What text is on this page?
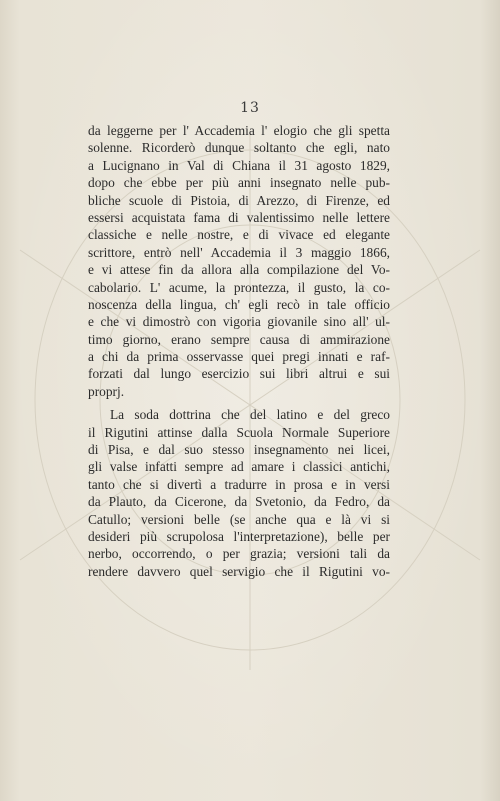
13
da leggerne per l' Accademia l' elogio che gli spetta
solenne. Ricorderò dunque soltanto che egli, nato
a Lucignano in Val di Chiana il 31 agosto 1829,
dopo che ebbe per più anni insegnato nelle pub-
bliche scuole di Pistoia, di Arezzo, di Firenze, ed
essersi acquistata fama di valentissimo nelle lettere
classiche e nelle nostre, e di vivace ed elegante
scrittore, entrò nell' Accademia il 3 maggio 1866,
e vi attese fin da allora alla compilazione del Vo-
cabolario. L' acume, la prontezza, il gusto, la co-
noscenza della lingua, ch' egli recò in tale officio
e che vi dimostrò con vigoria giovanile sino all' ul-
timo giorno, erano sempre causa di ammirazione
a chi da prima osservasse quei pregi innati e raf-
forzati dal lungo esercizio sui libri altrui e sui
proprj.
La soda dottrina che del latino e del greco
il Rigutini attinse dalla Scuola Normale Superiore
di Pisa, e dal suo stesso insegnamento nei licei,
gli valse infatti sempre ad amare i classici antichi,
tanto che si divertì a tradurre in prosa e in versi
da Plauto, da Cicerone, da Svetonio, da Fedro, da
Catullo; versioni belle (se anche qua e là vi si
desideri più scrupolosa l'interpretazione), belle per
nerbo, occorrendo, o per grazia; versioni tali da
rendere davvero quel servigio che il Rigutini vo-
